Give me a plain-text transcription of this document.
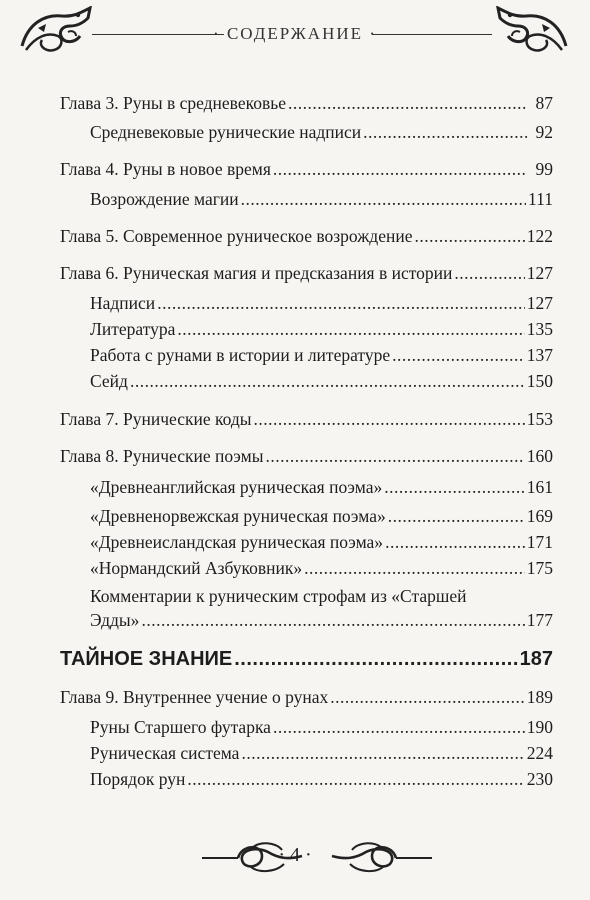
· СОДЕРЖАНИЕ ·
Глава 3. Руны в средневековье .....	87
Средневековые рунические надписи .....	92
Глава 4. Руны в новое время .....	99
Возрождение магии .....	111
Глава 5. Современное руническое возрождение .....	122
Глава 6. Руническая магия и предсказания в истории .....	127
Надписи .....	127
Литература .....	135
Работа с рунами в истории и литературе .....	137
Сейд .....	150
Глава 7. Рунические коды .....	153
Глава 8. Рунические поэмы .....	160
«Древнеанглийская руническая поэма» .....	161
«Древненорвежская руническая поэма» .....	169
«Древнеисландская руническая поэма» .....	171
«Нормандский Азбуковник» .....	175
Комментарии к руническим строфам из «Старшей
Эдды» .....	177
ТАЙНОЕ ЗНАНИЕ .....	187
Глава 9. Внутреннее учение о рунах .....	189
Руны Старшего футарка .....	190
Руническая система .....	224
Порядок рун .....	230
· 4 ·
